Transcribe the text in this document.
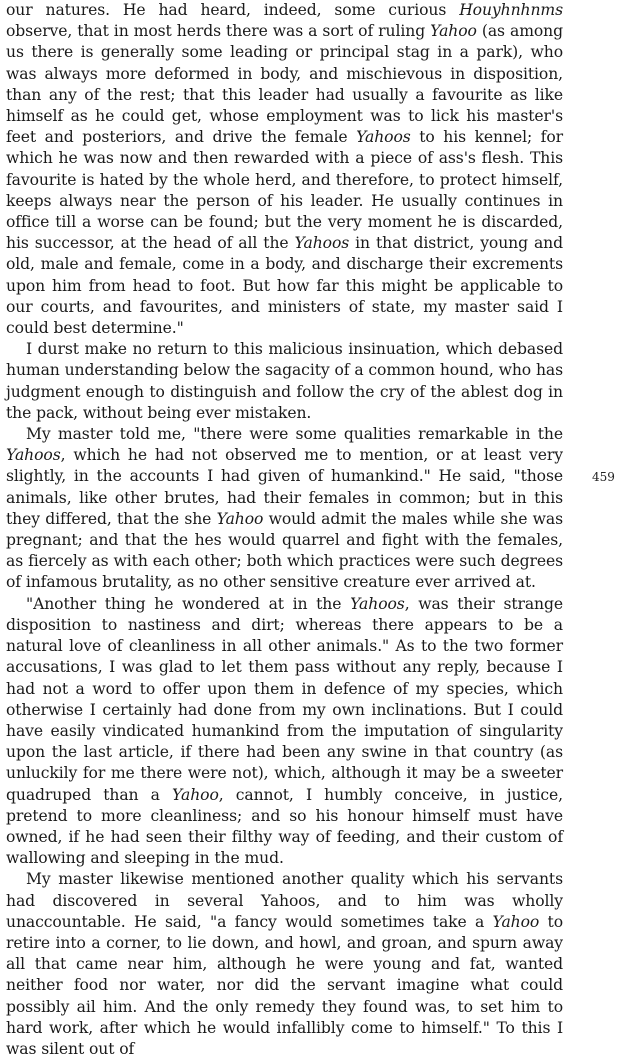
our natures. He had heard, indeed, some curious Houyhnhnms observe, that in most herds there was a sort of ruling Yahoo (as among us there is generally some leading or principal stag in a park), who was always more deformed in body, and mischievous in disposition, than any of the rest; that this leader had usually a favourite as like himself as he could get, whose employment was to lick his master's feet and posteriors, and drive the female Yahoos to his kennel; for which he was now and then rewarded with a piece of ass's flesh. This favourite is hated by the whole herd, and therefore, to protect himself, keeps always near the person of his leader. He usually continues in office till a worse can be found; but the very moment he is discarded, his successor, at the head of all the Yahoos in that district, young and old, male and female, come in a body, and discharge their excrements upon him from head to foot. But how far this might be applicable to our courts, and favourites, and ministers of state, my master said I could best determine."

I durst make no return to this malicious insinuation, which debased human understanding below the sagacity of a common hound, who has judgment enough to distinguish and follow the cry of the ablest dog in the pack, without being ever mistaken.

My master told me, "there were some qualities remarkable in the Yahoos, which he had not observed me to mention, or at least very slightly, in the accounts I had given of humankind." He said, "those animals, like other brutes, had their females in common; but in this they differed, that the she Yahoo would admit the males while she was pregnant; and that the hes would quarrel and fight with the females, as fiercely as with each other; both which practices were such degrees of infamous brutality, as no other sensitive creature ever arrived at.

"Another thing he wondered at in the Yahoos, was their strange disposition to nastiness and dirt; whereas there appears to be a natural love of cleanliness in all other animals." As to the two former accusations, I was glad to let them pass without any reply, because I had not a word to offer upon them in defence of my species, which otherwise I certainly had done from my own inclinations. But I could have easily vindicated humankind from the imputation of singularity upon the last article, if there had been any swine in that country (as unluckily for me there were not), which, although it may be a sweeter quadruped than a Yahoo, cannot, I humbly conceive, in justice, pretend to more cleanliness; and so his honour himself must have owned, if he had seen their filthy way of feeding, and their custom of wallowing and sleeping in the mud.

My master likewise mentioned another quality which his servants had discovered in several Yahoos, and to him was wholly unaccountable. He said, "a fancy would sometimes take a Yahoo to retire into a corner, to lie down, and howl, and groan, and spurn away all that came near him, although he were young and fat, wanted neither food nor water, nor did the servant imagine what could possibly ail him. And the only remedy they found was, to set him to hard work, after which he would infallibly come to himself." To this I was silent out of

459
